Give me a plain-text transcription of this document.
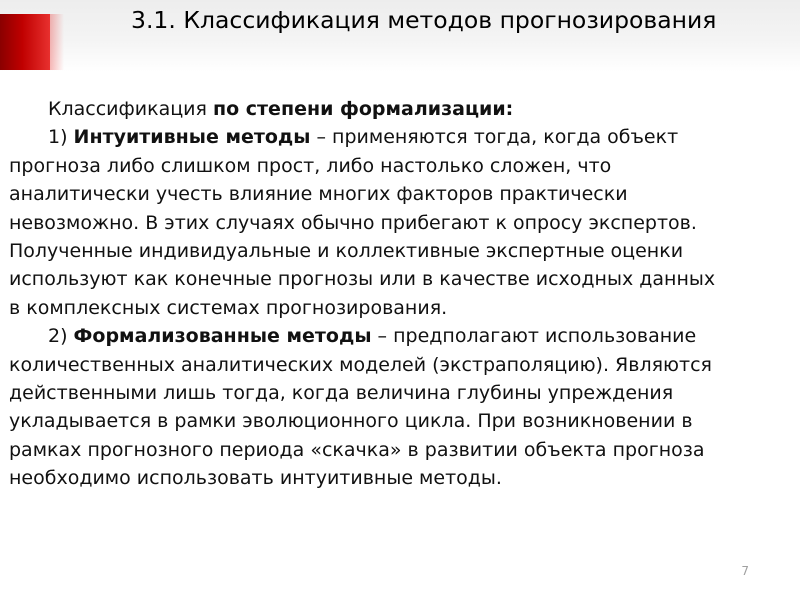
3.1. Классификация методов прогнозирования
Классификация по степени формализации:
1) Интуитивные методы – применяются тогда, когда объект
прогноза либо слишком прост, либо настолько сложен, что
аналитически учесть влияние многих факторов практически
невозможно. В этих случаях обычно прибегают к опросу экспертов.
Полученные индивидуальные и коллективные экспертные оценки
используют как конечные прогнозы или в качестве исходных данных
в комплексных системах прогнозирования.
2) Формализованные методы – предполагают использование
количественных аналитических моделей (экстраполяцию). Являются
действенными лишь тогда, когда величина глубины упреждения
укладывается в рамки эволюционного цикла. При возникновении в
рамках прогнозного периода «скачка» в развитии объекта прогноза
необходимо использовать интуитивные методы.
7
